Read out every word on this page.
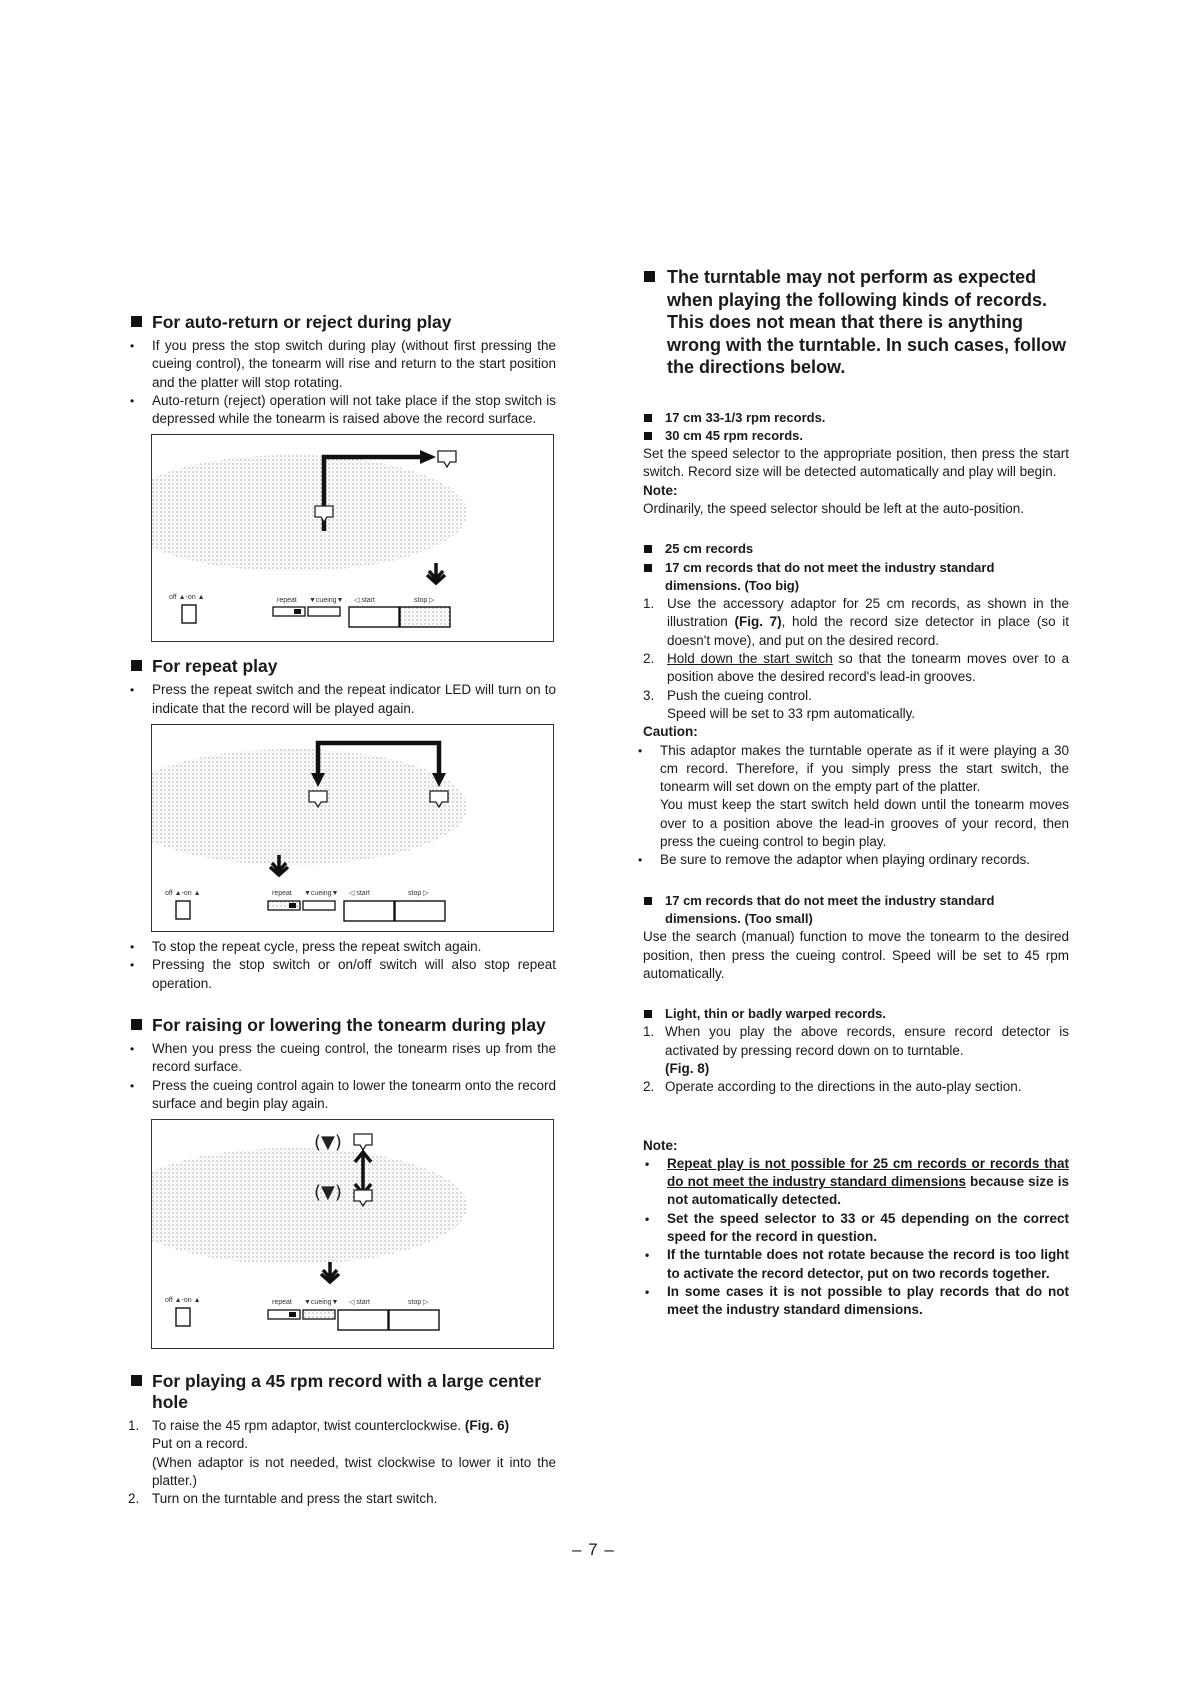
For auto-return or reject during play
• If you press the stop switch during play (without first pressing the cueing control), the tonearm will rise and return to the start position and the platter will stop rotating.
• Auto-return (reject) operation will not take place if the stop switch is depressed while the tonearm is raised above the record surface.
off ▲-on ▲	repeat ▼cueing▼ ◁ start	stop ▷
For repeat play
• Press the repeat switch and the repeat indicator LED will turn on to indicate that the record will be played again.
off ▲-on ▲	repeat ▼cueing▼ ◁ start	stop ▷
• To stop the repeat cycle, press the repeat switch again.
• Pressing the stop switch or on/off switch will also stop repeat operation.
For raising or lowering the tonearm during play
• When you press the cueing control, the tonearm rises up from the record surface.
• Press the cueing control again to lower the tonearm onto the record surface and begin play again.
(▼)
(▼)
off ▲-on ▲	repeat ▼cueing▼ ◁ start	stop ▷
For playing a 45 rpm record with a large center hole
1. To raise the 45 rpm adaptor, twist counterclockwise. (Fig. 6)
Put on a record.
(When adaptor is not needed, twist clockwise to lower it into the platter.)
2. Turn on the turntable and press the start switch.
The turntable may not perform as expected when playing the following kinds of records. This does not mean that there is anything wrong with the turntable. In such cases, follow the directions below.

17 cm 33-1/3 rpm records.

30 cm 45 rpm records.

Set the speed selector to the appropriate position, then press the start switch. Record size will be detected automatically and play will begin.

Note:

Ordinarily, the speed selector should be left at the auto-position.

25 cm records

17 cm records that do not meet the industry standard dimensions. (Too big)

1. Use the accessory adaptor for 25 cm records, as shown in the illustration (Fig. 7), hold the record size detector in place (so it doesn't move), and put on the desired record.
2. Hold down the start switch so that the tonearm moves over to a position above the desired record's lead-in grooves.
3. Push the cueing control.
Speed will be set to 33 rpm automatically.

Caution:

• This adaptor makes the turntable operate as if it were playing a 30 cm record. Therefore, if you simply press the start switch, the tonearm will set down on the empty part of the platter.
You must keep the start switch held down until the tonearm moves over to a position above the lead-in grooves of your record, then press the cueing control to begin play.
• Be sure to remove the adaptor when playing ordinary records.

17 cm records that do not meet the industry standard dimensions. (Too small)

Use the search (manual) function to move the tonearm to the desired position, then press the cueing control. Speed will be set to 45 rpm automatically.

Light, thin or badly warped records.

1. When you play the above records, ensure record detector is activated by pressing record down on to turntable.
(Fig. 8)
2. Operate according to the directions in the auto-play section.

Note:

• Repeat play is not possible for 25 cm records or records that do not meet the industry standard dimensions because size is not automatically detected.
• Set the speed selector to 33 or 45 depending on the correct speed for the record in question.
• If the turntable does not rotate because the record is too light to activate the record detector, put on two records together.
• In some cases it is not possible to play records that do not meet the industry standard dimensions.
– 7 –
